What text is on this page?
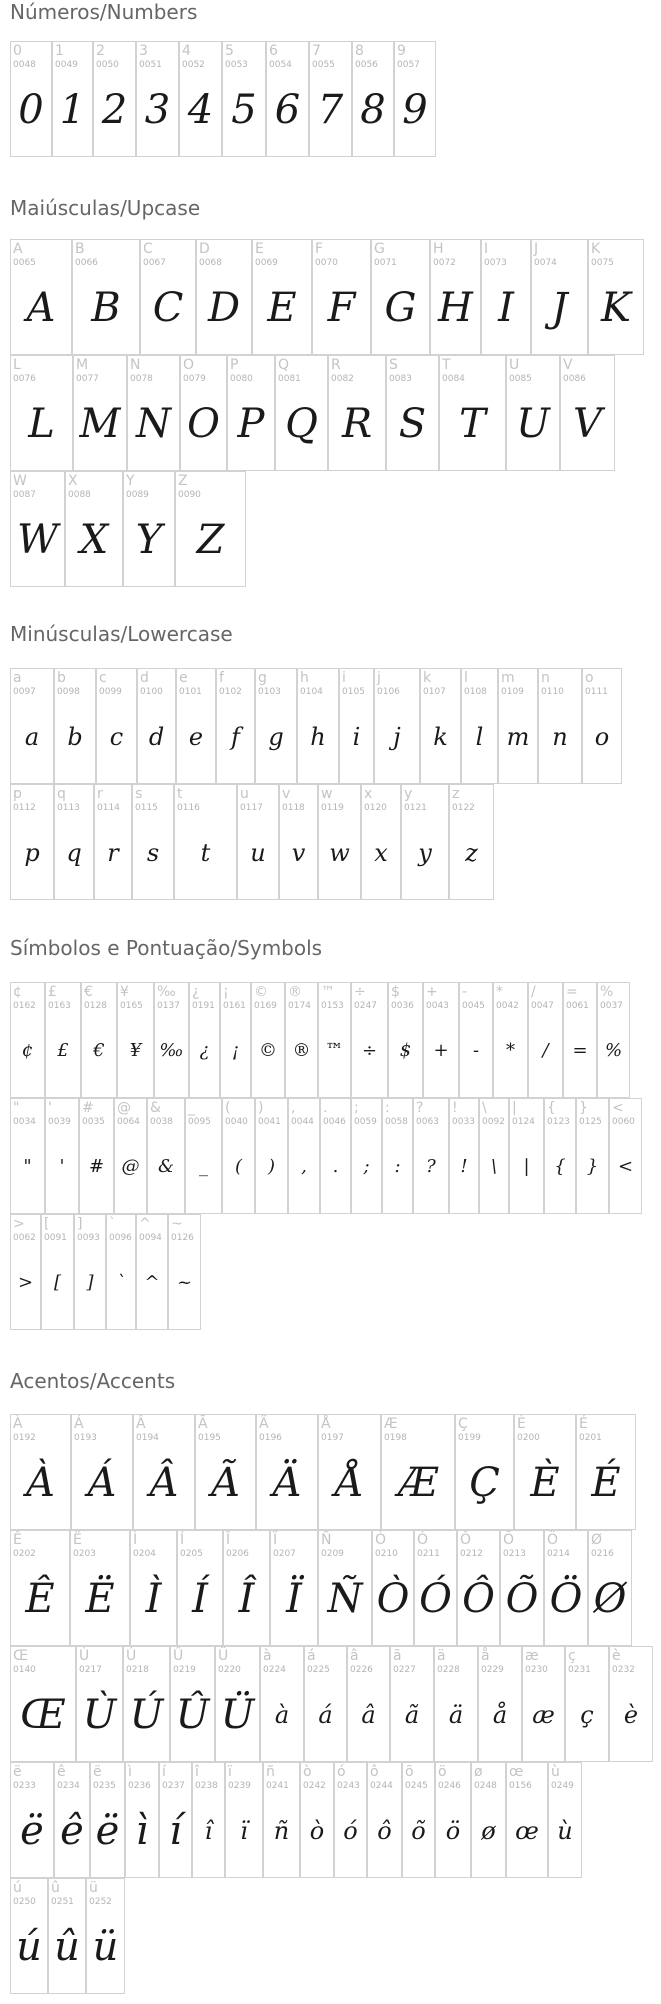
Números/Numbers
0
0048
0
1
0049
1
2
0050
2
3
0051
3
4
0052
4
5
0053
5
6
0054
6
7
0055
7
8
0056
8
9
0057
9
Maiúsculas/Upcase
A
0065
A
B
0066
B
C
0067
C
D
0068
D
E
0069
E
F
0070
F
G
0071
G
H
0072
H
I
0073
I
J
0074
J
K
0075
K
L
0076
L
M
0077
M
N
0078
N
O
0079
O
P
0080
P
Q
0081
Q
R
0082
R
S
0083
S
T
0084
T
U
0085
U
V
0086
V
W
0087
W
X
0088
X
Y
0089
Y
Z
0090
Z
Minúsculas/Lowercase
a
0097
a
b
0098
b
c
0099
c
d
0100
d
e
0101
e
f
0102
f
g
0103
g
h
0104
h
i
0105
i
j
0106
j
k
0107
k
l
0108
l
m
0109
m
n
0110
n
o
0111
o
p
0112
p
q
0113
q
r
0114
r
s
0115
s
t
0116
t
u
0117
u
v
0118
v
w
0119
w
x
0120
x
y
0121
y
z
0122
z
Símbolos e Pontuação/Symbols
¢
0162
¢
£
0163
£
€
0128
€
¥
0165
¥
‰
0137
‰
¿
0191
¿
¡
0161
¡
©
0169
©
®
0174
®
™
0153
™
÷
0247
÷
$
0036
$
+
0043
+
-
0045
-
*
0042
*
/
0047
/
=
0061
=
%
0037
%
"
0034
"
'
0039
'
#
0035
#
@
0064
@
&
0038
&
_
0095
_
(
0040
(
)
0041
)
,
0044
,
.
0046
.
;
0059
;
:
0058
:
?
0063
?
!
0033
!
\
0092
\
|
0124
|
{
0123
{
}
0125
}
<
0060
<
>
0062
>
[
0091
[
]
0093
]
`
0096
`
^
0094
^
~
0126
~
Acentos/Accents
À
0192
À
Á
0193
Á
Â
0194
Â
Ã
0195
Ã
Ä
0196
Ä
Å
0197
Å
Æ
0198
Æ
Ç
0199
Ç
È
0200
È
É
0201
É
Ê
0202
Ê
Ë
0203
Ë
Ì
0204
Ì
Í
0205
Í
Î
0206
Î
Ï
0207
Ï
Ñ
0209
Ñ
Ò
0210
Ò
Ó
0211
Ó
Ô
0212
Ô
Õ
0213
Õ
Ö
0214
Ö
Ø
0216
Ø
Œ
0140
Œ
Ù
0217
Ù
Ú
0218
Ú
Û
0219
Û
Ü
0220
Ü
à
0224
à
á
0225
á
â
0226
â
ã
0227
ã
ä
0228
ä
å
0229
å
æ
0230
æ
ç
0231
ç
è
0232
è
ë
0233
ë
ê
0234
ê
ë
0235
ë
ì
0236
ì
í
0237
í
î
0238
î
ï
0239
ï
ñ
0241
ñ
ò
0242
ò
ó
0243
ó
ô
0244
ô
õ
0245
õ
ö
0246
ö
ø
0248
ø
œ
0156
œ
ù
0249
ù
ú
0250
ú
û
0251
û
ü
0252
ü
